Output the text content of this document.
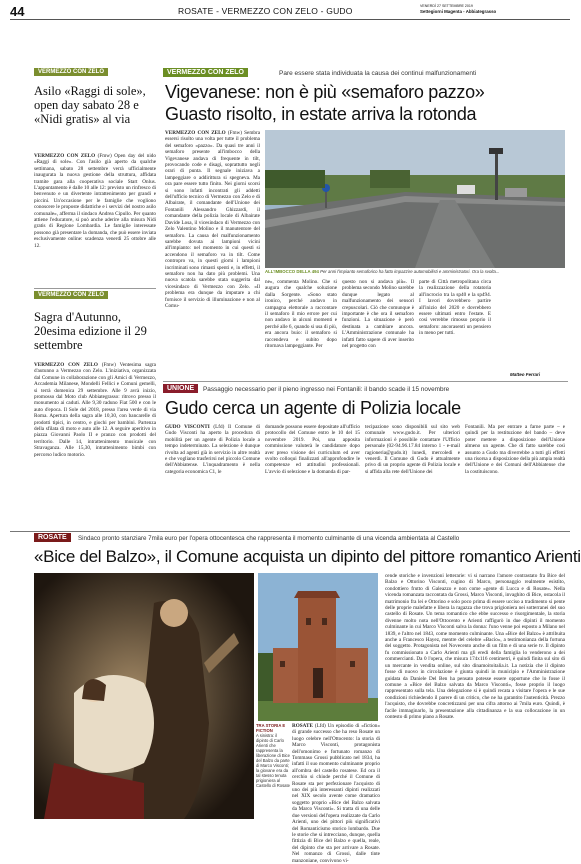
44	ROSATE - VERMEZZO CON ZELO - GUDO	VENERDÌ 27 SETTEMBRE 2019
Settegiorni Magenta - Abbiategrasso
VERMEZZO CON ZELO
Asilo «Raggi di sole», open day sabato 28 e «Nidi gratis» al via
VERMEZZO CON ZELO (Fmw) Open day del nido «Raggi di sole». Con l'asilo già aperto da qualche settimana, sabato 28 settembre verrà ufficialmente inaugurata la nuova gestione della struttura, affidata tramite gara alla cooperativa sociale Start Onlus. L'appuntamento è dalle 10 alle 12: previsto un rinfresco di benvenuto e un divertente intrattenimento per grandi e piccini. Un'occasione per le famiglie che vogliono conoscere le proposte didattiche e i servizi del nostro asilo comunale», afferma il sindaco Andrea Cipullo. Per quanto attiene l'educatore, si può anche aderire alla misura Nidi gratis di Regione Lombardia. Le famiglie interessate possono già presentare la domanda, che può essere inviata esclusivamente online: scadenza venerdì 25 ottobre alle 12.
VERMEZZO CON ZELO
Sagra d'Autunno, 20esima edizione il 29 settembre
VERMEZZO CON ZELO (Fmw) Ventesima sagra d'autunno a Vermezzo con Zelo. L'iniziativa, organizzata dal Comune in collaborazione con gli Amici di Vermezzo, Accademia Milanese, Mondelli Fellici e Comuni gemelli, si terrà domenica 29 settembre. Alle 9 avrà inizio, promosso dal Moto club Abbiategrasso: ritrovo presso il monumento ai caduti. Alle 9,30 raduno Fiat 500 e con le auto d'epoca. Il Sole del 2018, presso l'area verde di via Roma. Apertura della sagra alle 10,30, con bancarelle di prodotti tipici, in centro, e giochi per bambini. Partenza della sfilata di moto e auto alle 12. A seguire aperitivo in piazza Giovanni Paolo II e pranzo con prodotti del territorio. Dalle 14, intrattenimento musicale con Stravaganza. Alle 15,30, intrattenimento bimbi con percorso ludico motorio.
VERMEZZO CON ZELO	Pare essere stata individuata la causa dei continui malfunzionamenti
Vigevanese: non è più «semaforo pazzo»
Guasto risolto, in estate arriva la rotonda
VERMEZZO CON ZELO (Fmw) Sembra essersi risolto una volta per tutte il problema del semaforo «pazzo». Da quasi tre anni il semaforo presente all'imbocco della Vigevanese andava di frequente in tilt, provocando code e disagi, soprattutto negli orari di punta. Il segnale iniziava a lampeggiare o addirittura si spegneva. Ma ora pare essere tutto finito. Nei giorni scorsi si sono infatti incontrati gli addetti dell'ufficio tecnico di Vermezzo con Zelo e di Albairate, il comandante dell'Unione dei Fontanili Alessandro Ghizzardi, il comandante della polizia locale di Albairate Davide Losa, il vicesindaco di Vermezzo con Zelo Valentino Molino e il manutentore del semaforo. La causa del malfunzionamento sarebbe dovuta ai lampioni vicini all'impianto: nel momento in cui questi si accendono il semaforo va in tilt. Come contropro va, in questi giorni i lampioni incriminati sono rimasti spenti e, in effetti, il semaforo non ha dato più problemi. Una nuova scatola sarebbe stata suggerita dal vicesindaco di Vermezzo con Zelo. «Il problema era dunque da imputare a chi fornisce il servizio di illuminazione e non al Comu-
ALL'IMBOCCO DELLA 494 Per anni l'impianto semaforico ha fatto impazzire automobilisti e amministratori. Ora la svolta...
ne», commenta Molino. Che si augura che qualche soluzione dalla Sorgente. «Sono stato ironico, perché andavo in campagna elettorale a raccontare il semaforo il mio errore per cui non andavo in alcuni momenti e perché alle 6, quando si usa di più, era ancora buio: il semaforo si raccendeva e subito dopo ritornava lampeggiante. Per
questo non si andava più». Il problema secondo Molino sarebbe dunque legato al malfunzionamento dei sensori crepuscolari. Ciò che comunque è importante è che ora il semaforo funzioni. La situazione è però destinata a cambiare ancora. L'Amministrazione comunale ha infatti fatto sapere di aver inserito nel progetto con
parte di Città metropolitana circa la realizzazione della rotatoria all'incrocio tra la sp40 e la sp494. I lavori dovrebbero partire all'inizio del 2020 e dovrebbero essere ultimati entro l'estate. E così verrebbe rimosso proprio il semaforo: ancorasenti un pensiero in meno per tutti.
Matteo Ferrari
UNIONE	Passaggio necessario per il pieno ingresso nei Fontanili: il bando scade il 15 novembre
Gudo cerca un agente di Polizia locale
GUDO VISCONTI (Lfd) Il Comune di Gudo Visconti ha aperto la procedura di mobilità per un agente di Polizia locale a tempo indeterminato. La selezione è dunque rivolta ad agenti già in servizio in altre realtà e che vogliano trasferirsi nel piccolo Comune dell'Abbiatense. L'inquadramento è nella categoria economica C1, le
domande possono essere depositate all'ufficio protocollo del Comune entro le 10 del 15 novembre 2019. Poi, una apposita commissione valuterà le candidature dopo aver preso visione dei curriculum ed aver svolto colloqui finalizzati all'approfondire le competenze ed attitudini professionali. L'avvio di selezione e la domanda di par-
tecipazione sono disponibili sul sito web comunale www.gudo.it. Per ulteriori informazioni è possibile contattare l'Ufficio personale (02-94.96.17.84 interno 1 - e-mail ragioneria@gudo.it) lunedì, mercoledì e venerdì. Il Comune di Gudo è attualmente privo di un proprio agente di Polizia locale e si affida alla rete dell'Unione dei
Fontanili. Ma per entrare a farne parte – e quindi per la restituzione del bando – deve poter mettere a disposizione dell'Unione almeno un agente. Che di fatto sarebbe così assunto a Gudo ma diverrebbe a tutti gli effetti una risorsa a disposizione della più ampia realtà dell'Unione e dei Comuni dell'Abbiatense che la costituiscono.
ROSATE	Sindaco pronto stanziare 7mila euro per l'opera ottocentesca che rappresenta il momento culminante di una vicenda ambientata al Castello
«Bice del Balzo», il Comune acquista un dipinto del pittore romantico Arienti
TRA STORIA E FICTION
A sinistra: il dipinto di Carlo Arienti che rappresenta la liberazione di Bice del Balzo da parte di Marco Visconti; la giovane era da tal stesso tenuta prigioniera al Castello di Rosate
ROSATE (Lfd) Un episodio di «fiction» di grande successo che ha reso Rosate un luogo celebre nell'Ottocento: la storia di Marco Visconti, protagonista dell'omonimo e fortunato romanzo di Tommaso Grossi pubblicato nel 1834, ha infatti il suo momento culminante proprio all'ombra del castello rosatese. Ed ora il cerchio si chiude perché il Comune di Rosate sta per perfezionare l'acquisto di uno dei più interessanti dipinti realizzati nel XIX secolo avente come dramatico soggetto proprio «Bice del Balzo salvata da Marco Visconti». Si tratta di una delle due versioni dell'opera realizzate da Carlo Arienti, uno dei pittori più significativi del Romanticismo storico lombardo. Due le storie che si intrecciano, dunque, quella fittizia di Bice del Balzo e quella, reale, del dipinto che sta per arrivare a Rosate. Nel romanzo di Grossi, dalle tinte manzoniane, convivono vi-
cende storiche e invenzioni letterarie: vi si narrano l'amore contrastato fra Bice del Balzo e Ottorino Visconti, cugino di Marco, personaggio realmente esistito, condottiero frutto di Galeazzo e non come «gente di Lucca e di Rosate». Nella vicenda romanzata raccontata da Grossi, Marco Visconti, invaghito di Bice, ostacola il matrimonio fra lei e Ottorino e solo poco prima di essere ucciso a tradimento si pente delle proprie malefatte e libera la ragazza che trova prigioniera nei sotterranei del suo castello di Rosate. Un tema romantico che ebbe successo e risorgimentale, la storia divenne molto nota nell'Ottocento e Arienti raffigurò in due dipinti il momento culminante in cui Marco Visconti salva la donna: l'uno venne poi esposto a Milano nel 1839, e l'altro nel 1843, come momento culminante. Una «Bice del Balzo» è attribuita anche a Francesco Hayez, mentre del celebre «Bacio», a testimonianza della fortuna del soggetto. Protagonista nel Novecento anche di un film e di una serie tv. Il dipinto fu commissionato a Carlo Arienti ma gli eredi della famiglia lo venderono a dei commercianti. Da 0 l'opera, che misura 174x116 centimetri, è quindi finita sul sito di un mercante in vendita online, sul sito dinamoitoitalia.it. La notizia che il dipinto fosse di nuovo in circolazione è giunta quindi in municipio e l'Amministrazione guidata da Daniele Del Ben ha pensato potesse essere opportune che lo fosse il comune a «Bice del Balzo salvata da Marco Visconti», fosse proprio il luogo rappresentato sulla tela. Una delegazione si è quindi recata a visitare l'opera e le sue condizioni richiedendo il parere di un critico, che ne ha garantito l'autenticità. Prezzo l'acquisto, che dovrebbe concretizzarsi per una cifra attorno ai 7mila euro. Quindi, è facile immaginarlo, la presentazione alla cittadinanza e la sua collocazione in un contesto di primo piano a Rosate.
